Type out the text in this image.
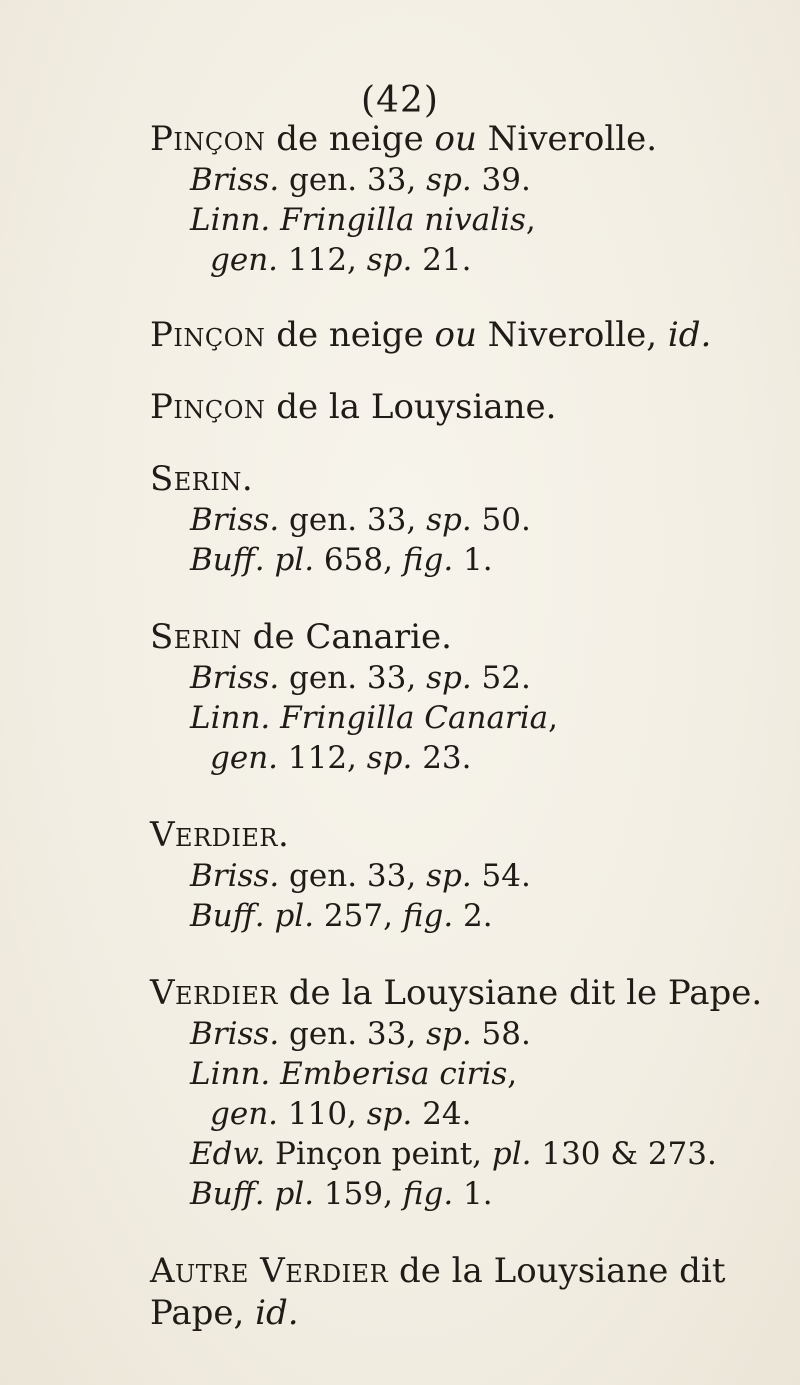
(42)
Pinçon de neige ou Niverolle.
Briss. gen. 33, sp. 39.
Linn. Fringilla nivalis,
gen. 112, sp. 21.
Pinçon de neige ou Niverolle, id.
Pinçon de la Louysiane.
Serin.
Briss. gen. 33, sp. 50.
Buff. pl. 658, fig. 1.
Serin de Canarie.
Briss. gen. 33, sp. 52.
Linn. Fringilla Canaria,
gen. 112, sp. 23.
Verdier.
Briss. gen. 33, sp. 54.
Buff. pl. 257, fig. 2.
Verdier de la Louysiane dit le Pape.
Briss. gen. 33, sp. 58.
Linn. Emberisa ciris,
gen. 110, sp. 24.
Edw. Pinçon peint, pl. 130 & 273.
Buff. pl. 159, fig. 1.
Autre Verdier de la Louysiane dit
Pape, id.
